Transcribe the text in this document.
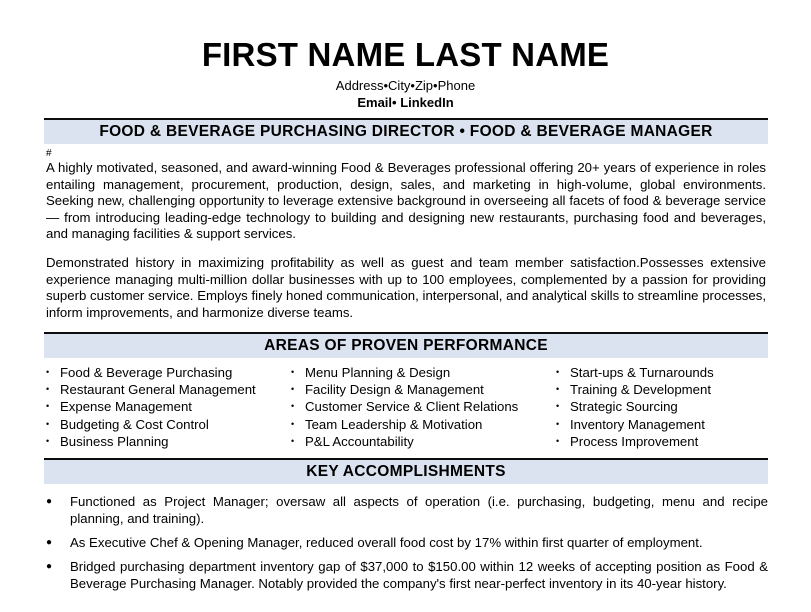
FIRST NAME LAST NAME
Address•City•Zip•Phone
Email• LinkedIn
FOOD & BEVERAGE PURCHASING DIRECTOR • FOOD & BEVERAGE MANAGER
#
A highly motivated, seasoned, and award-winning Food & Beverages professional offering 20+ years of experience in roles entailing management, procurement, production, design, sales, and marketing in high-volume, global environments. Seeking new, challenging opportunity to leverage extensive background in overseeing all facets of food & beverage service — from introducing leading-edge technology to building and designing new restaurants, purchasing food and beverages, and managing facilities & support services.
Demonstrated history in maximizing profitability as well as guest and team member satisfaction.Possesses extensive experience managing multi-million dollar businesses with up to 100 employees, complemented by a passion for providing superb customer service. Employs finely honed communication, interpersonal, and analytical skills to streamline processes, inform improvements, and harmonize diverse teams.
AREAS OF PROVEN PERFORMANCE
• Food & Beverage Purchasing
• Restaurant General Management
• Expense Management
• Budgeting & Cost Control
• Business Planning
• Menu Planning & Design
• Facility Design & Management
• Customer Service & Client Relations
• Team Leadership & Motivation
• P&L Accountability
• Start-ups & Turnarounds
• Training & Development
• Strategic Sourcing
• Inventory Management
• Process Improvement
KEY ACCOMPLISHMENTS
●	Functioned as Project Manager; oversaw all aspects of operation (i.e. purchasing, budgeting, menu and recipe planning, and training).
●	As Executive Chef & Opening Manager, reduced overall food cost by 17% within first quarter of employment.
●	Bridged purchasing department inventory gap of $37,000 to $150.00 within 12 weeks of accepting position as Food & Beverage Purchasing Manager. Notably provided the company's first near-perfect inventory in its 40-year history.
